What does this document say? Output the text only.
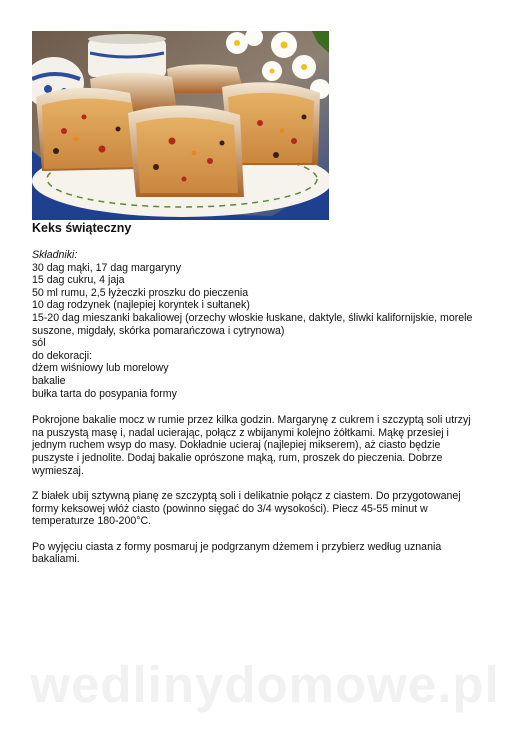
Keks świąteczny
Składniki:
30 dag mąki, 17 dag margaryny
15 dag cukru, 4 jaja
50 ml rumu, 2,5 łyżeczki proszku do pieczenia
10 dag rodzynek (najlepiej koryntek i sułtanek)
15-20 dag mieszanki bakaliowej (orzechy włoskie łuskane, daktyle, śliwki kalifornijskie, morele
suszone, migdały, skórka pomarańczowa i cytrynowa)
sól
do dekoracji:
dżem wiśniowy lub morelowy
bakalie
bułka tarta do posypania formy
Pokrojone bakalie mocz w rumie przez kilka godzin. Margarynę z cukrem i szczyptą soli utrzyj
na puszystą masę i, nadal ucierając, połącz z wbijanymi kolejno żółtkami. Mąkę przesiej i
jednym ruchem wsyp do masy. Dokładnie ucieraj (najlepiej mikserem), aż ciasto będzie
puszyste i jednolite. Dodaj bakalie oprószone mąką, rum, proszek do pieczenia. Dobrze
wymieszaj.
Z białek ubij sztywną pianę ze szczyptą soli i delikatnie połącz z ciastem. Do przygotowanej
formy keksowej włóż ciasto (powinno sięgać do 3/4 wysokości). Piecz 45-55 minut w
temperaturze 180-200°C.
Po wyjęciu ciasta z formy posmaruj je podgrzanym dżemem i przybierz według uznania
bakaliami.
wedlinydomowe.pl
